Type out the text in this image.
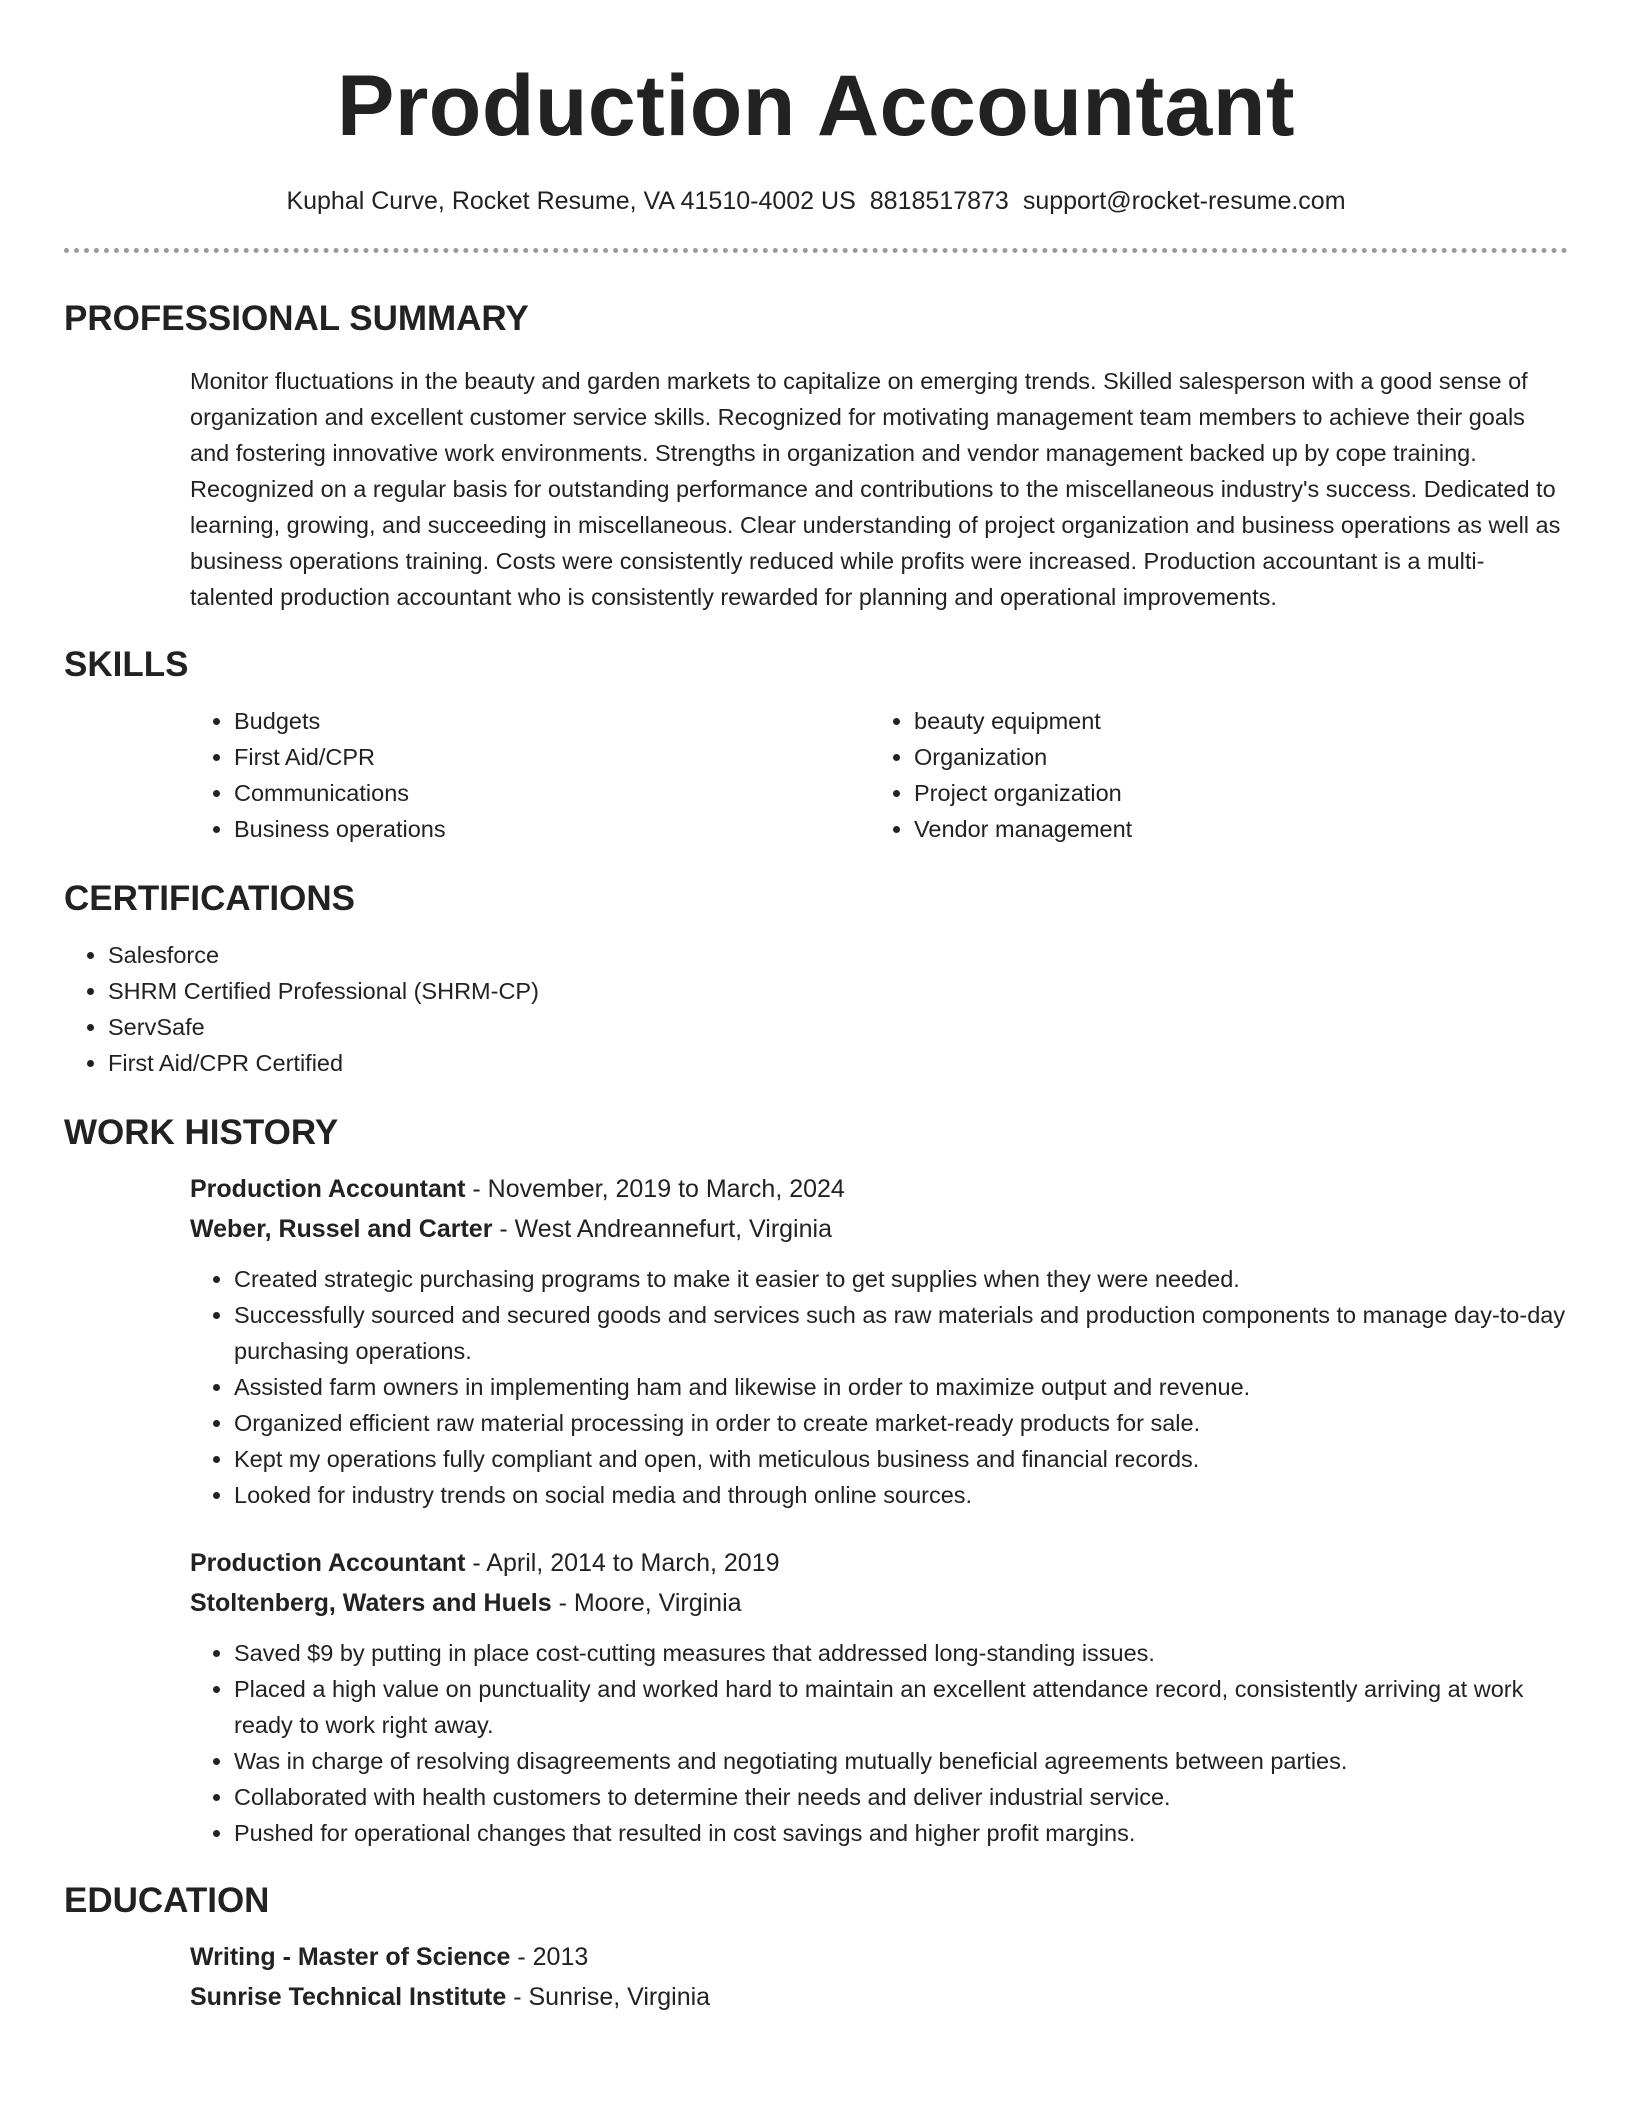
Production Accountant
Kuphal Curve, Rocket Resume, VA 41510-4002 US 8818517873 support@rocket-resume.com
PROFESSIONAL SUMMARY

Monitor fluctuations in the beauty and garden markets to capitalize on emerging trends. Skilled salesperson with a good sense of organization and excellent customer service skills. Recognized for motivating management team members to achieve their goals and fostering innovative work environments. Strengths in organization and vendor management backed up by cope training. Recognized on a regular basis for outstanding performance and contributions to the miscellaneous industry's success. Dedicated to learning, growing, and succeeding in miscellaneous. Clear understanding of project organization and business operations as well as business operations training. Costs were consistently reduced while profits were increased. Production accountant is a multi-talented production accountant who is consistently rewarded for planning and operational improvements.

SKILLS
• Budgets
• First Aid/CPR
• Communications
• Business operations
• beauty equipment
• Organization
• Project organization
• Vendor management
CERTIFICATIONS
• Salesforce
• SHRM Certified Professional (SHRM-CP)
• ServSafe
• First Aid/CPR Certified
WORK HISTORY
Production Accountant - November, 2019 to March, 2024
Weber, Russel and Carter - West Andreannefurt, Virginia
• Created strategic purchasing programs to make it easier to get supplies when they were needed.
• Successfully sourced and secured goods and services such as raw materials and production components to manage day-to-day purchasing operations.
• Assisted farm owners in implementing ham and likewise in order to maximize output and revenue.
• Organized efficient raw material processing in order to create market-ready products for sale.
• Kept my operations fully compliant and open, with meticulous business and financial records.
• Looked for industry trends on social media and through online sources.
Production Accountant - April, 2014 to March, 2019
Stoltenberg, Waters and Huels - Moore, Virginia
• Saved $9 by putting in place cost-cutting measures that addressed long-standing issues.
• Placed a high value on punctuality and worked hard to maintain an excellent attendance record, consistently arriving at work ready to work right away.
• Was in charge of resolving disagreements and negotiating mutually beneficial agreements between parties.
• Collaborated with health customers to determine their needs and deliver industrial service.
• Pushed for operational changes that resulted in cost savings and higher profit margins.
EDUCATION
Writing - Master of Science - 2013
Sunrise Technical Institute - Sunrise, Virginia
